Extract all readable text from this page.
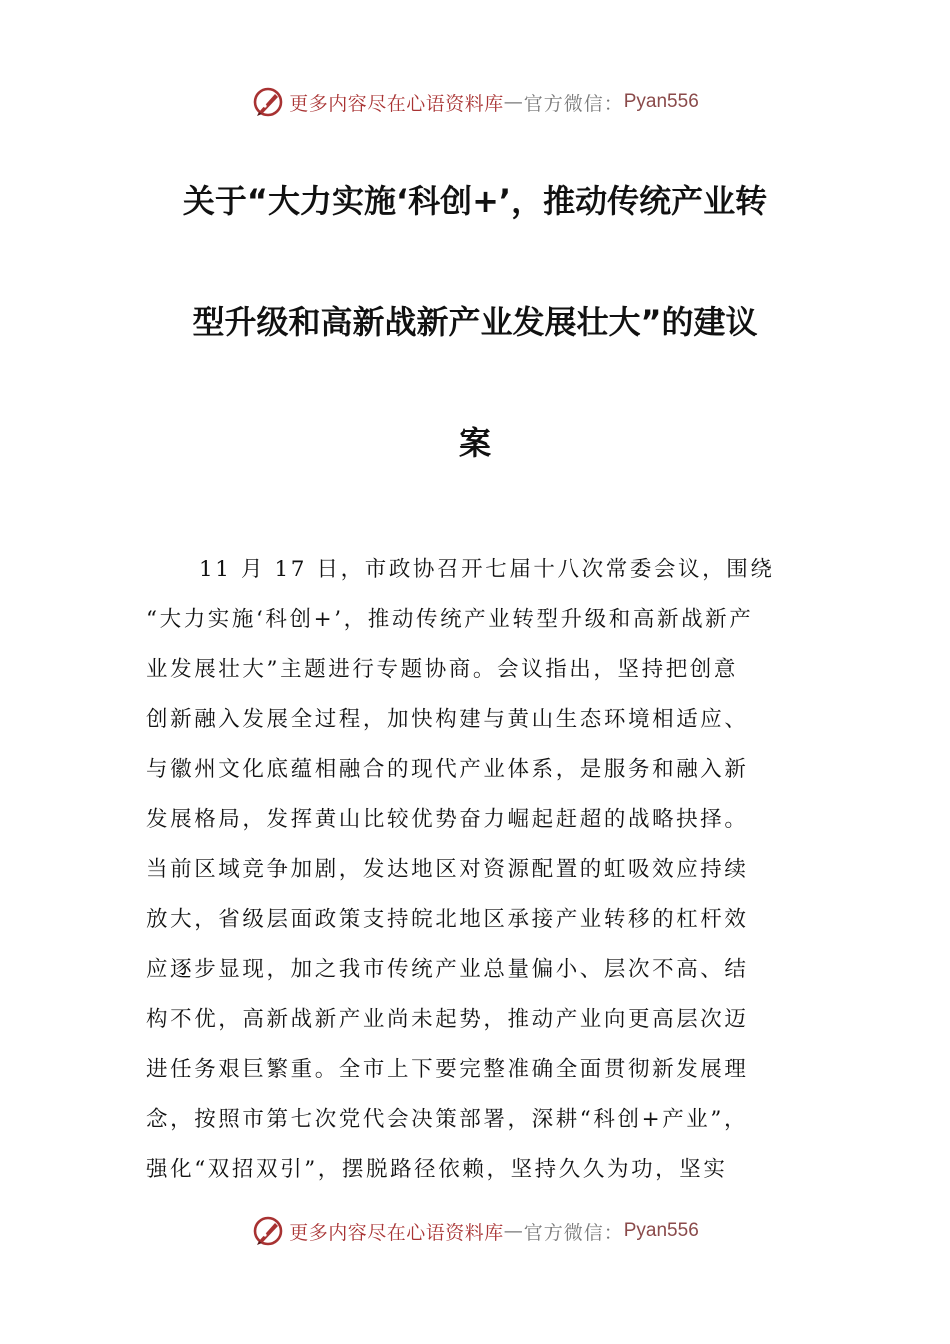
更多内容尽在心语资料库 — 官方微信： Pyan556
关于“大力实施‘科创+’，推动传统产业转
型升级和高新战新产业发展壮大”的建议
案
11 月 17 日，市政协召开七届十八次常委会议，围绕
“大力实施‘科创+’，推动传统产业转型升级和高新战新产
业发展壮大”主题进行专题协商。会议指出，坚持把创意
创新融入发展全过程，加快构建与黄山生态环境相适应、
与徽州文化底蕴相融合的现代产业体系，是服务和融入新
发展格局，发挥黄山比较优势奋力崛起赶超的战略抉择。
当前区域竞争加剧，发达地区对资源配置的虹吸效应持续
放大，省级层面政策支持皖北地区承接产业转移的杠杆效
应逐步显现，加之我市传统产业总量偏小、层次不高、结
构不优，高新战新产业尚未起势，推动产业向更高层次迈
进任务艰巨繁重。全市上下要完整准确全面贯彻新发展理
念，按照市第七次党代会决策部署，深耕“科创+产业”，
强化“双招双引”，摆脱路径依赖，坚持久久为功，坚实
更多内容尽在心语资料库 — 官方微信： Pyan556
